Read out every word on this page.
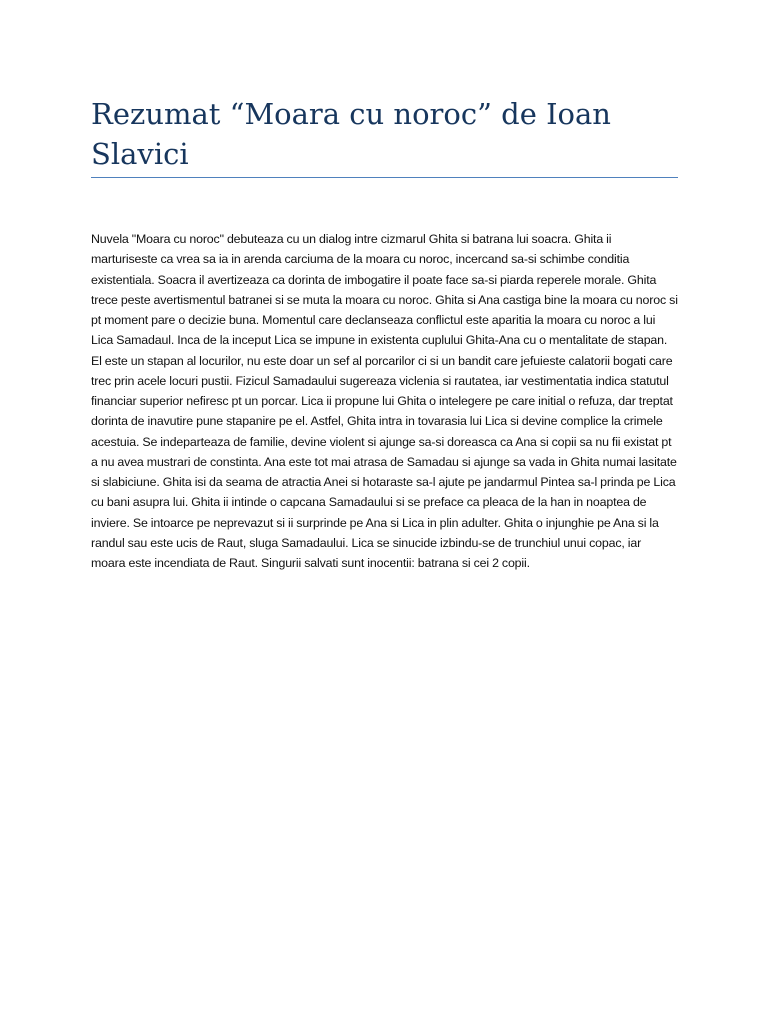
Rezumat “Moara cu noroc” de Ioan Slavici

Nuvela "Moara cu noroc" debuteaza cu un dialog intre cizmarul Ghita si batrana lui soacra. Ghita ii marturiseste ca vrea sa ia in arenda carciuma de la moara cu noroc, incercand sa-si schimbe conditia existentiala. Soacra il avertizeaza ca dorinta de imbogatire il poate face sa-si piarda reperele morale. Ghita trece peste avertismentul batranei si se muta la moara cu noroc. Ghita si Ana castiga bine la moara cu noroc si pt moment pare o decizie buna. Momentul care declanseaza conflictul este aparitia la moara cu noroc a lui Lica Samadaul. Inca de la inceput Lica se impune in existenta cuplului Ghita-Ana cu o mentalitate de stapan. El este un stapan al locurilor, nu este doar un sef al porcarilor ci si un bandit care jefuieste calatorii bogati care trec prin acele locuri pustii. Fizicul Samadaului sugereaza viclenia si rautatea, iar vestimentatia indica statutul financiar superior nefiresc pt un porcar. Lica ii propune lui Ghita o intelegere pe care initial o refuza, dar treptat dorinta de inavutire pune stapanire pe el. Astfel, Ghita intra in tovarasia lui Lica si devine complice la crimele acestuia. Se indeparteaza de familie, devine violent si ajunge sa-si doreasca ca Ana si copii sa nu fii existat pt a nu avea mustrari de constinta. Ana este tot mai atrasa de Samadau si ajunge sa vada in Ghita numai lasitate si slabiciune. Ghita isi da seama de atractia Anei si hotaraste sa-l ajute pe jandarmul Pintea sa-l prinda pe Lica cu bani asupra lui. Ghita ii intinde o capcana Samadaului si se preface ca pleaca de la han in noaptea de inviere. Se intoarce pe neprevazut si ii surprinde pe Ana si Lica in plin adulter. Ghita o injunghie pe Ana si la randul sau este ucis de Raut, sluga Samadaului. Lica se sinucide izbindu-se de trunchiul unui copac, iar moara este incendiata de Raut. Singurii salvati sunt inocentii: batrana si cei 2 copii.
